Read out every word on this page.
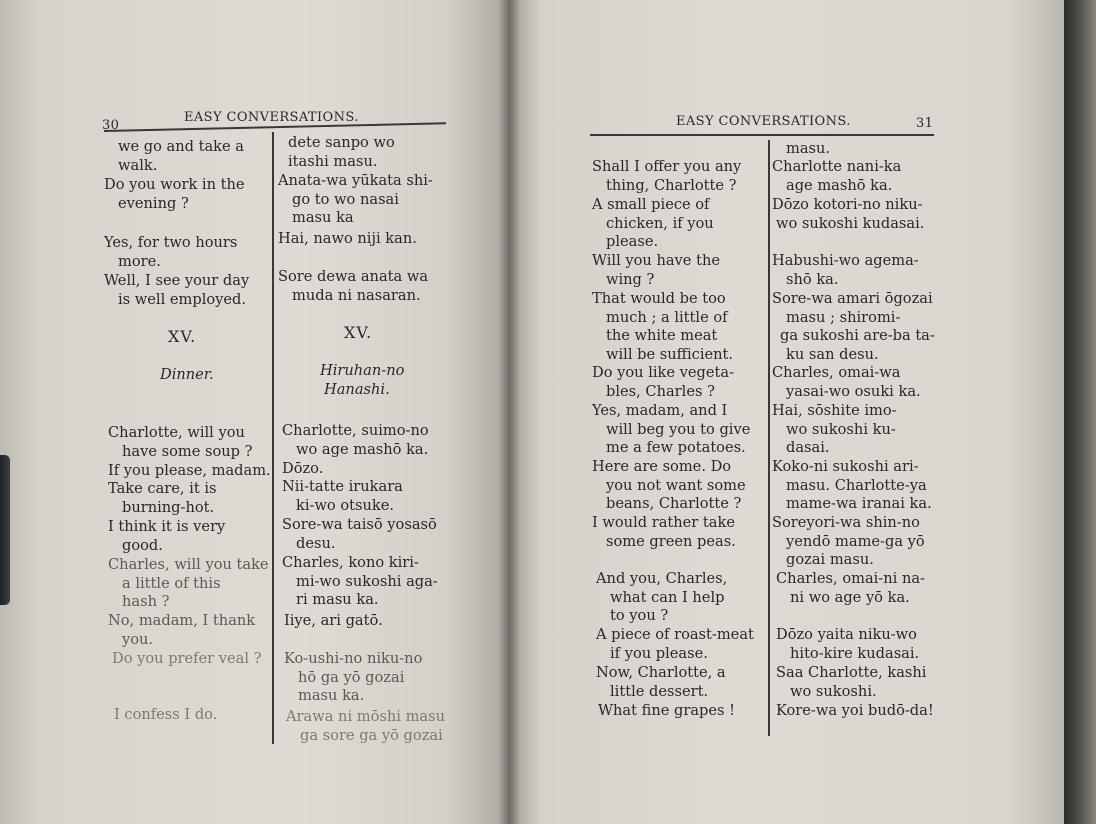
30
EASY CONVERSATIONS.	EASY CONVERSATIONS.	31
we go and take a
walk.
Do you work in the
evening ?
Yes, for two hours
more.
Well, I see your day
is well employed.
XV.
Dinner.
Charlotte, will you
have some soup ?
If you please, madam.
Take care, it is
burning-hot.
I think it is very
good.
Charles, will you take
a little of this
hash ?
No, madam, I thank
you.
Do you prefer veal ?
I confess I do.
dete sanpo wo
itashi masu.
Anata-wa yūkata shi-
go to wo nasai
masu ka
Hai, nawo niji kan.
Sore dewa anata wa
muda ni nasaran.
XV.
Hiruhan-no
Hanashi.
Charlotte, suimo-no
wo age mashō ka.
Dōzo.
Nii-tatte irukara
ki-wo otsuke.
Sore-wa taisō yosasō
desu.
Charles, kono kiri-
mi-wo sukoshi aga-
ri masu ka.
Iiye, ari gatō.
Ko-ushi-no niku-no
hō ga yō gozai
masu ka.
Arawa ni mōshi masu
ga sore ga yō gozai
Shall I offer you any
thing, Charlotte ?
A small piece of
chicken, if you
please.
Will you have the
wing ?
That would be too
much ; a little of
the white meat
will be sufficient.
Do you like vegeta-
bles, Charles ?
Yes, madam, and I
will beg you to give
me a few potatoes.
Here are some. Do
you not want some
beans, Charlotte ?
I would rather take
some green peas.
And you, Charles,
what can I help
to you ?
A piece of roast-meat
if you please.
Now, Charlotte, a
little dessert.
What fine grapes !
masu.
Charlotte nani-ka
age mashō ka.
Dōzo kotori-no niku-
wo sukoshi kudasai.
Habushi-wo agema-
shō ka.
Sore-wa amari ōgozai
masu ; shiromi-
ga sukoshi are-ba ta-
ku san desu.
Charles, omai-wa
yasai-wo osuki ka.
Hai, sōshite imo-
wo sukoshi ku-
dasai.
Koko-ni sukoshi ari-
masu. Charlotte-ya
mame-wa iranai ka.
Soreyori-wa shin-no
yendō mame-ga yō
gozai masu.
Charles, omai-ni na-
ni wo age yō ka.
Dōzo yaita niku-wo
hito-kire kudasai.
Saa Charlotte, kashi
wo sukoshi.
Kore-wa yoi budō-da!
